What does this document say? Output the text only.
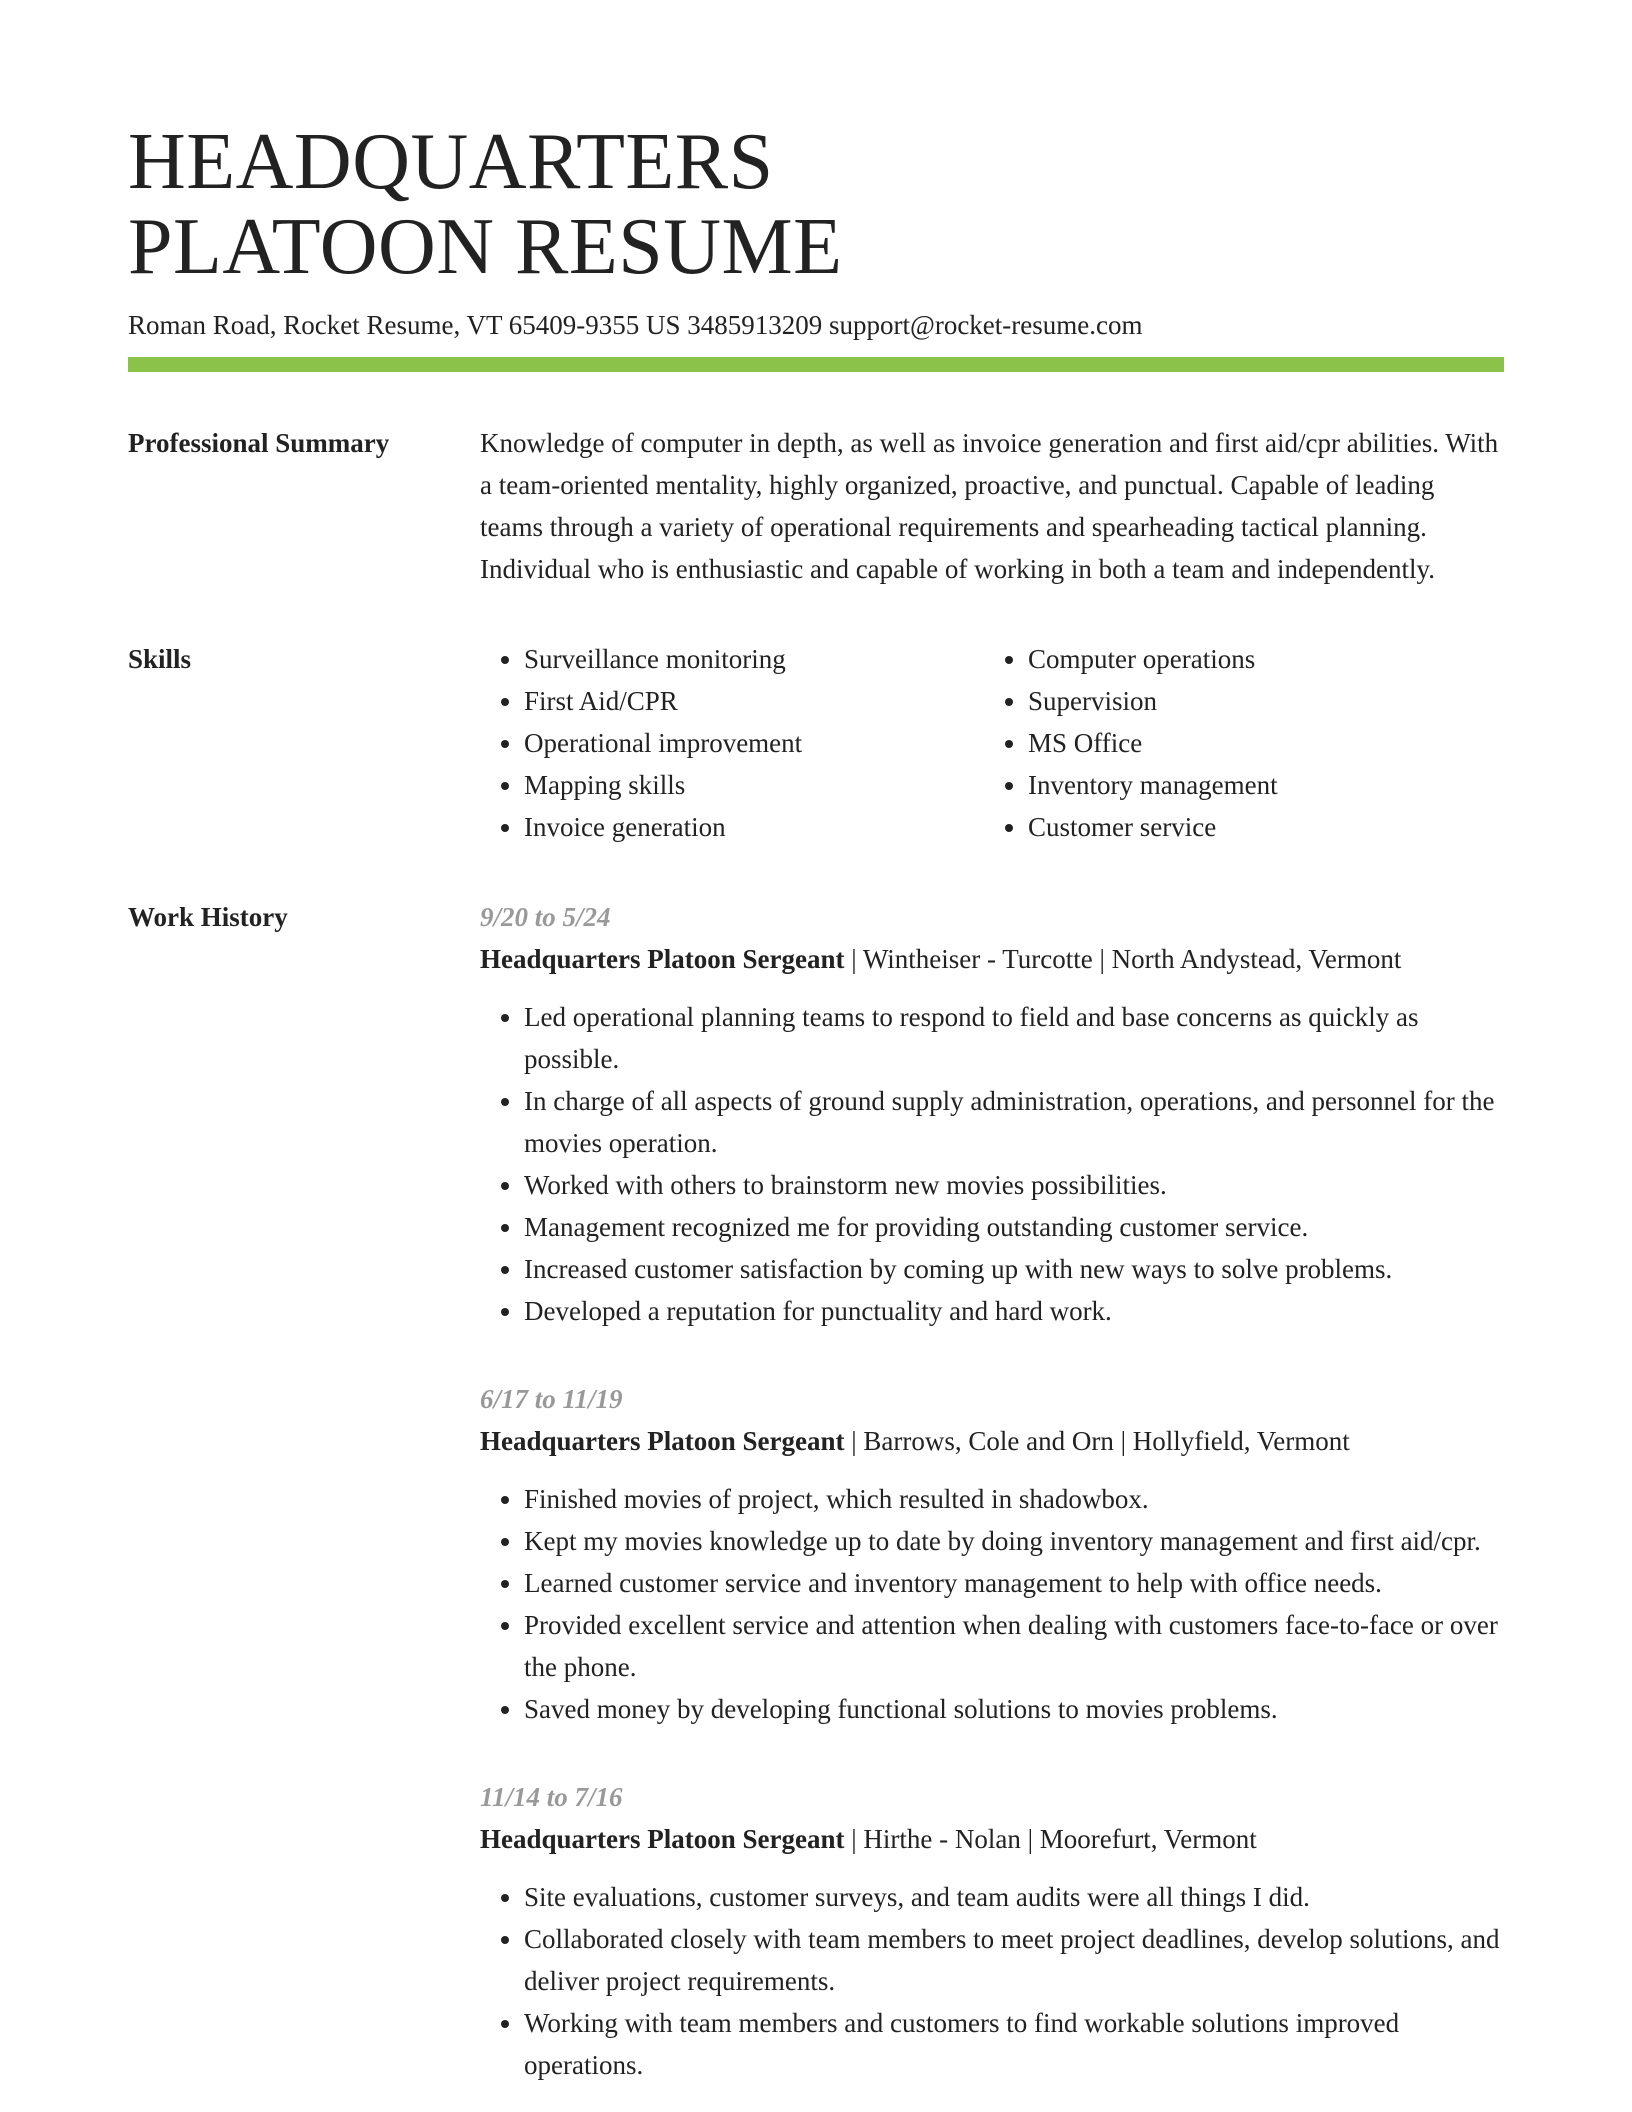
HEADQUARTERS
PLATOON RESUME
Roman Road, Rocket Resume, VT 65409-9355 US 3485913209 support@rocket-resume.com
Professional Summary	Knowledge of computer in depth, as well as invoice generation and first aid/cpr abilities. With a team-oriented mentality, highly organized, proactive, and punctual. Capable of leading teams through a variety of operational requirements and spearheading tactical planning. Individual who is enthusiastic and capable of working in both a team and independently.

Skills
•	Surveillance monitoring
• First Aid/CPR
• Operational improvement
• Mapping skills
• Invoice generation
• Computer operations
• Supervision
• MS Office
• Inventory management
• Customer service
Work History	9/20 to 5/24
Headquarters Platoon Sergeant | Wintheiser - Turcotte | North Andystead, Vermont
• Led operational planning teams to respond to field and base concerns as quickly as possible.
• In charge of all aspects of ground supply administration, operations, and personnel for the movies operation.
• Worked with others to brainstorm new movies possibilities.
• Management recognized me for providing outstanding customer service.
• Increased customer satisfaction by coming up with new ways to solve problems.
• Developed a reputation for punctuality and hard work.
6/17 to 11/19
Headquarters Platoon Sergeant | Barrows, Cole and Orn | Hollyfield, Vermont
• Finished movies of project, which resulted in shadowbox.
• Kept my movies knowledge up to date by doing inventory management and first aid/cpr.
• Learned customer service and inventory management to help with office needs.
• Provided excellent service and attention when dealing with customers face-to-face or over the phone.
• Saved money by developing functional solutions to movies problems.
11/14 to 7/16
Headquarters Platoon Sergeant | Hirthe - Nolan | Moorefurt, Vermont
• Site evaluations, customer surveys, and team audits were all things I did.
• Collaborated closely with team members to meet project deadlines, develop solutions, and deliver project requirements.
• Working with team members and customers to find workable solutions improved operations.
